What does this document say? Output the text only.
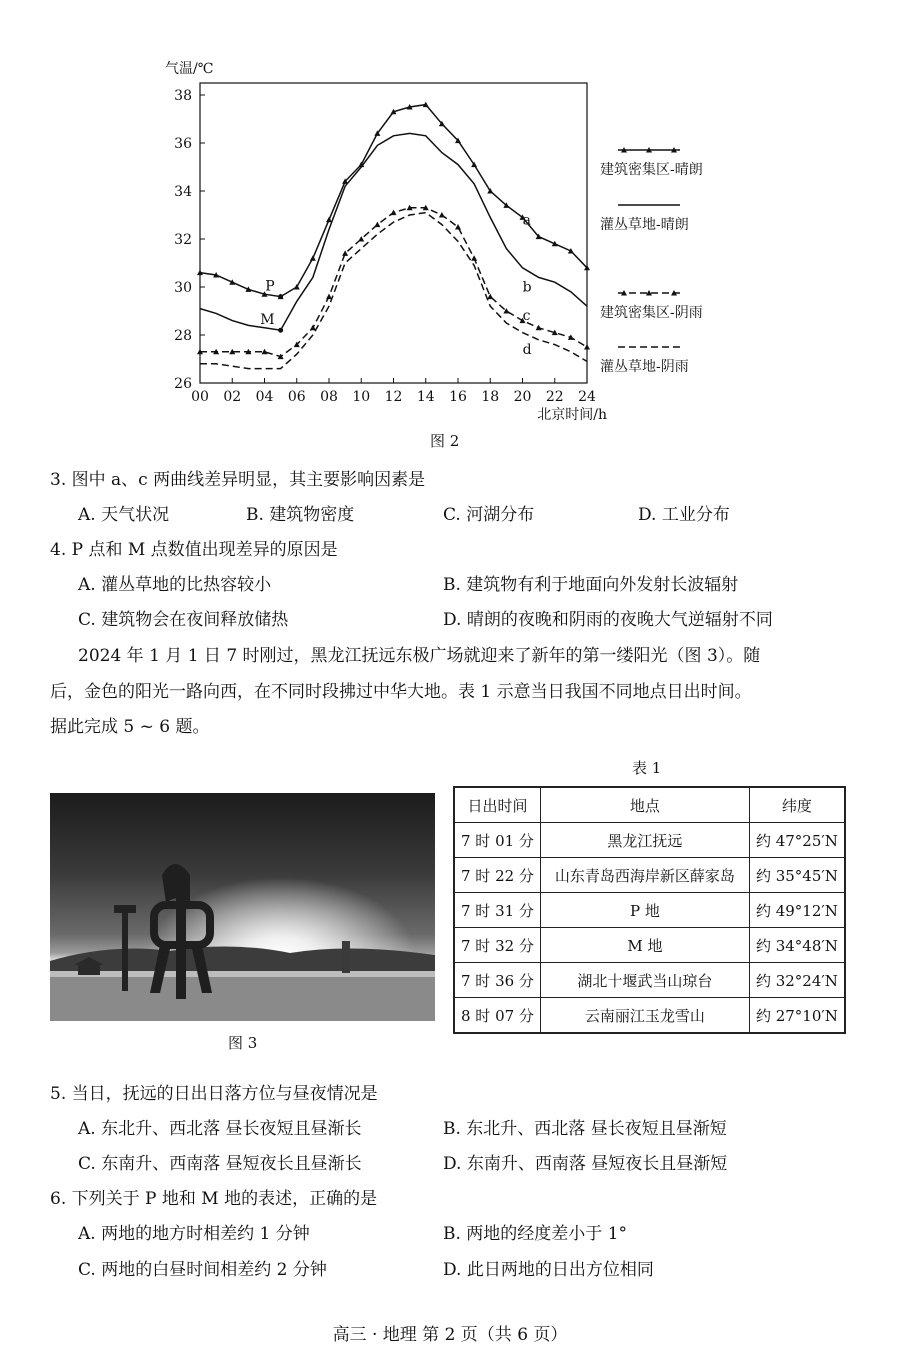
26
28
30
32
34
36
38
00 02 04 06 08 10 12 14 16 18 20 22 24
气温/℃
北京时间/h
a
b
c
d
P
M
建筑密集区-晴朗
灌丛草地-晴朗
建筑密集区-阴雨
灌丛草地-阴雨
图 2
3. 图中 a、c 两曲线差异明显，其主要影响因素是
A. 天气状况	B. 建筑物密度	C. 河湖分布	D. 工业分布
4. P 点和 M 点数值出现差异的原因是
A. 灌丛草地的比热容较小	B. 建筑物有利于地面向外发射长波辐射
C. 建筑物会在夜间释放储热	D. 晴朗的夜晚和阴雨的夜晚大气逆辐射不同
2024 年 1 月 1 日 7 时刚过，黑龙江抚远东极广场就迎来了新年的第一缕阳光（图 3）。随
后，金色的阳光一路向西，在不同时段拂过中华大地。表 1 示意当日我国不同地点日出时间。
据此完成 5 ~ 6 题。
图 3
表 1
日出时间	地点	纬度
7 时 01 分	黑龙江抚远	约 47°25′N
7 时 22 分	山东青岛西海岸新区薛家岛	约 35°45′N
7 时 31 分	P 地	约 49°12′N
7 时 32 分	M 地	约 34°48′N
7 时 36 分	湖北十堰武当山琼台	约 32°24′N
8 时 07 分	云南丽江玉龙雪山	约 27°10′N
5. 当日，抚远的日出日落方位与昼夜情况是
A. 东北升、西北落 昼长夜短且昼渐长	B. 东北升、西北落 昼长夜短且昼渐短
C. 东南升、西南落 昼短夜长且昼渐长	D. 东南升、西南落 昼短夜长且昼渐短
6. 下列关于 P 地和 M 地的表述，正确的是
A. 两地的地方时相差约 1 分钟	B. 两地的经度差小于 1°
C. 两地的白昼时间相差约 2 分钟	D. 此日两地的日出方位相同
高三 · 地理 第 2 页（共 6 页）
